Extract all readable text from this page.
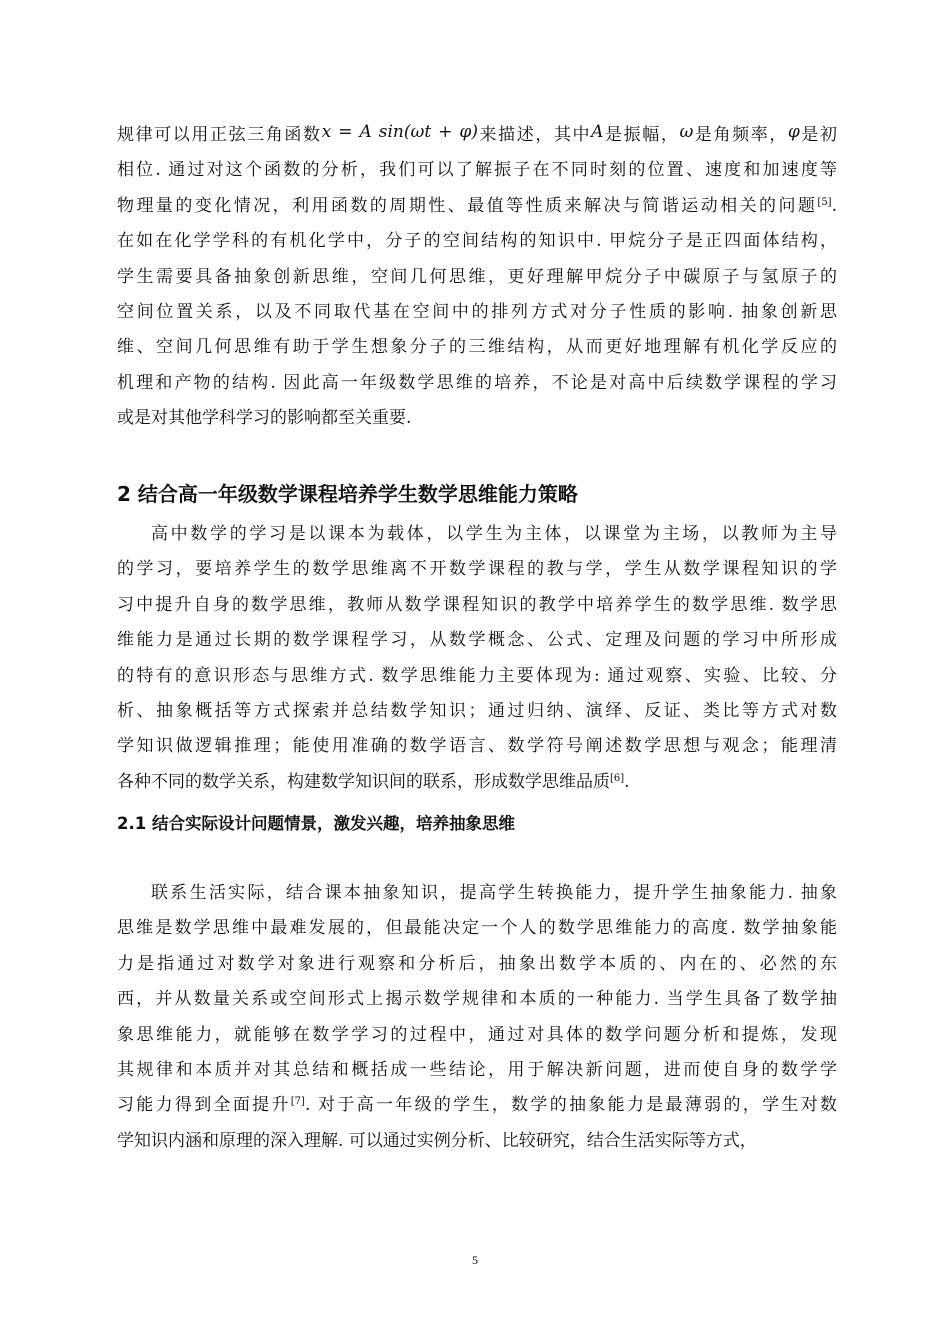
规律可以用正弦三角函数x = A sin(ωt + φ)来描述，其中A是振幅，ω是角频率，φ是初
相位. 通过对这个函数的分析，我们可以了解振子在不同时刻的位置、速度和加速度等
物理量的变化情况，利用函数的周期性、最值等性质来解决与简谐运动相关的问题[5].
在如在化学学科的有机化学中，分子的空间结构的知识中. 甲烷分子是正四面体结构，
学生需要具备抽象创新思维，空间几何思维，更好理解甲烷分子中碳原子与氢原子的
空间位置关系，以及不同取代基在空间中的排列方式对分子性质的影响. 抽象创新思
维、空间几何思维有助于学生想象分子的三维结构，从而更好地理解有机化学反应的
机理和产物的结构. 因此高一年级数学思维的培养，不论是对高中后续数学课程的学习
或是对其他学科学习的影响都至关重要.
2 结合高一年级数学课程培养学生数学思维能力策略
高中数学的学习是以课本为载体，以学生为主体，以课堂为主场，以教师为主导
的学习，要培养学生的数学思维离不开数学课程的教与学，学生从数学课程知识的学
习中提升自身的数学思维，教师从数学课程知识的教学中培养学生的数学思维. 数学思
维能力是通过长期的数学课程学习，从数学概念、公式、定理及问题的学习中所形成
的特有的意识形态与思维方式. 数学思维能力主要体现为: 通过观察、实验、比较、分
析、抽象概括等方式探索并总结数学知识；通过归纳、演绎、反证、类比等方式对数
学知识做逻辑推理；能使用准确的数学语言、数学符号阐述数学思想与观念；能理清
各种不同的数学关系，构建数学知识间的联系，形成数学思维品质[6].
2.1 结合实际设计问题情景，激发兴趣，培养抽象思维
联系生活实际，结合课本抽象知识，提高学生转换能力，提升学生抽象能力. 抽象
思维是数学思维中最难发展的，但最能决定一个人的数学思维能力的高度. 数学抽象能
力是指通过对数学对象进行观察和分析后，抽象出数学本质的、内在的、必然的东
西，并从数量关系或空间形式上揭示数学规律和本质的一种能力. 当学生具备了数学抽
象思维能力，就能够在数学学习的过程中，通过对具体的数学问题分析和提炼，发现
其规律和本质并对其总结和概括成一些结论，用于解决新问题，进而使自身的数学学
习能力得到全面提升[7]. 对于高一年级的学生，数学的抽象能力是最薄弱的，学生对数
学知识内涵和原理的深入理解. 可以通过实例分析、比较研究，结合生活实际等方式，
5
